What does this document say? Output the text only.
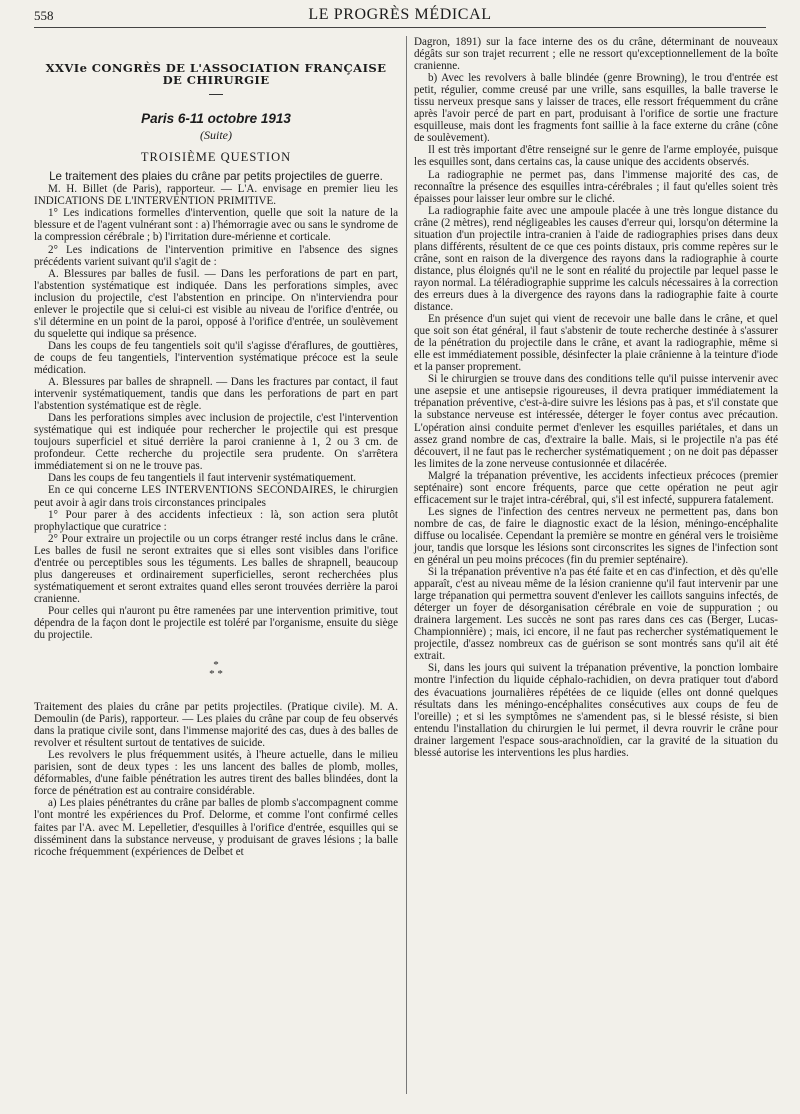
558	LE PROGRÈS MÉDICAL
XXVIe CONGRÈS DE L'ASSOCIATION FRANÇAISE DE CHIRURGIE
Paris 6-11 octobre 1913
(Suite)
TROISIÈME QUESTION
Le traitement des plaies du crâne par petits projectiles de guerre.

M. H. Billet (de Paris), rapporteur. — L'A. envisage en premier lieu les INDICATIONS DE L'INTERVENTION PRIMITIVE.

1° Les indications formelles d'intervention, quelle que soit la nature de la blessure et de l'agent vulnérant sont : a) l'hémorragie avec ou sans le syndrome de la compression cérébrale ; b) l'irritation dure-mérienne et corticale.

2° Les indications de l'intervention primitive en l'absence des signes précédents varient suivant qu'il s'agit de :

A. Blessures par balles de fusil. — Dans les perforations de part en part, l'abstention systématique est indiquée. Dans les perforations simples, avec inclusion du projectile, c'est l'abstention en principe. On n'interviendra pour enlever le projectile que si celui-ci est visible au niveau de l'orifice d'entrée, ou s'il détermine en un point de la paroi, opposé à l'orifice d'entrée, un soulèvement du squelette qui indique sa présence.

Dans les coups de feu tangentiels soit qu'il s'agisse d'éraflures, de gouttières, de coups de feu tangentiels, l'intervention systématique précoce est la seule médication.

A. Blessures par balles de shrapnell. — Dans les fractures par contact, il faut intervenir systématiquement, tandis que dans les perforations de part en part l'abstention systématique est de règle.

Dans les perforations simples avec inclusion de projectile, c'est l'intervention systématique qui est indiquée pour rechercher le projectile qui est presque toujours superficiel et situé derrière la paroi cranienne à 1, 2 ou 3 cm. de profondeur. Cette recherche du projectile sera prudente. On s'arrêtera immédiatement si on ne le trouve pas.

Dans les coups de feu tangentiels il faut intervenir systématiquement.

En ce qui concerne LES INTERVENTIONS SECONDAIRES, le chirurgien peut avoir à agir dans trois circonstances principales

1° Pour parer à des accidents infectieux : là, son action sera plutôt prophylactique que curatrice :

2° Pour extraire un projectile ou un corps étranger resté inclus dans le crâne. Les balles de fusil ne seront extraites que si elles sont visibles dans l'orifice d'entrée ou perceptibles sous les téguments. Les balles de shrapnell, beaucoup plus dangereuses et ordinairement superficielles, seront recherchées plus systématiquement et seront extraites quand elles seront trouvées derrière la paroi cranienne.

Pour celles qui n'auront pu être ramenées par une intervention primitive, tout dépendra de la façon dont le projectile est toléré par l'organisme, ensuite du siège du projectile.

*
* *

Traitement des plaies du crâne par petits projectiles. (Pratique civile). M. A. Demoulin (de Paris), rapporteur. — Les plaies du crâne par coup de feu observés dans la pratique civile sont, dans l'immense majorité des cas, dues à des balles de revolver et résultent surtout de tentatives de suicide.

Les revolvers le plus fréquemment usités, à l'heure actuelle, dans le milieu parisien, sont de deux types : les uns lancent des balles de plomb, molles, déformables, d'une faible pénétration les autres tirent des balles blindées, dont la force de pénétration est au contraire considérable.

a) Les plaies pénétrantes du crâne par balles de plomb s'accompagnent comme l'ont montré les expériences du Prof. Delorme, et comme l'ont confirmé celles faites par l'A. avec M. Lepelletier, d'esquilles à l'orifice d'entrée, esquilles qui se disséminent dans la substance nerveuse, y produisant de graves lésions ; la balle ricoche fréquemment (expériences de Delbet et

Dagron, 1891) sur la face interne des os du crâne, déterminant de nouveaux dégâts sur son trajet recurrent ; elle ne ressort qu'exceptionnellement de la boîte cranienne.

b) Avec les revolvers à balle blindée (genre Browning), le trou d'entrée est petit, régulier, comme creusé par une vrille, sans esquilles, la balle traverse le tissu nerveux presque sans y laisser de traces, elle ressort fréquemment du crâne après l'avoir percé de part en part, produisant à l'orifice de sortie une fracture esquilleuse, mais dont les fragments font saillie à la face externe du crâne (cône de soulèvement).

Il est très important d'être renseigné sur le genre de l'arme employée, puisque les esquilles sont, dans certains cas, la cause unique des accidents observés.

La radiographie ne permet pas, dans l'immense majorité des cas, de reconnaître la présence des esquilles intra-cérébrales ; il faut qu'elles soient très épaisses pour laisser leur ombre sur le cliché.

La radiographie faite avec une ampoule placée à une très longue distance du crâne (2 mètres), rend négligeables les causes d'erreur qui, lorsqu'on détermine la situation d'un projectile intra-cranien à l'aide de radiographies prises dans deux plans différents, résultent de ce que ces points distaux, pris comme repères sur le crâne, sont en raison de la divergence des rayons dans la radiographie à courte distance, plus éloignés qu'il ne le sont en réalité du projectile par lequel passe le rayon normal. La téléradiographie supprime les calculs nécessaires à la correction des erreurs dues à la divergence des rayons dans la radiographie faite à courte distance.

En présence d'un sujet qui vient de recevoir une balle dans le crâne, et quel que soit son état général, il faut s'abstenir de toute recherche destinée à s'assurer de la pénétration du projectile dans le crâne, et avant la radiographie, même si elle est immédiatement possible, désinfecter la plaie crânienne à la teinture d'iode et la panser proprement.

Si le chirurgien se trouve dans des conditions telle qu'il puisse intervenir avec une asepsie et une antisepsie rigoureuses, il devra pratiquer immédiatement la trépanation préventive, c'est-à-dire suivre les lésions pas à pas, et s'il constate que la substance nerveuse est intéressée, déterger le foyer contus avec précaution. L'opération ainsi conduite permet d'enlever les esquilles pariétales, et dans un assez grand nombre de cas, d'extraire la balle. Mais, si le projectile n'a pas été découvert, il ne faut pas le rechercher systématiquement ; on ne doit pas dépasser les limites de la zone nerveuse contusionnée et dilacérée.

Malgré la trépanation préventive, les accidents infectieux précoces (premier septénaire) sont encore fréquents, parce que cette opération ne peut agir efficacement sur le trajet intra-cérébral, qui, s'il est infecté, suppurera fatalement.

Les signes de l'infection des centres nerveux ne permettent pas, dans bon nombre de cas, de faire le diagnostic exact de la lésion, méningo-encéphalite diffuse ou localisée. Cependant la première se montre en général vers le troisième jour, tandis que lorsque les lésions sont circonscrites les signes de l'infection sont en général un peu moins précoces (fin du premier septénaire).

Si la trépanation préventive n'a pas été faite et en cas d'infection, et dès qu'elle apparaît, c'est au niveau même de la lésion cranienne qu'il faut intervenir par une large trépanation qui permettra souvent d'enlever les caillots sanguins infectés, de déterger un foyer de désorganisation cérébrale en voie de suppuration ; ou drainera largement. Les succès ne sont pas rares dans ces cas (Berger, Lucas-Championnière) ; mais, ici encore, il ne faut pas rechercher systématiquement le projectile, d'assez nombreux cas de guérison se sont montrés sans qu'il ait été extrait.

Si, dans les jours qui suivent la trépanation préventive, la ponction lombaire montre l'infection du liquide céphalo-rachidien, on devra pratiquer tout d'abord des évacuations journalières répétées de ce liquide (elles ont donné quelques résultats dans les méningo-encéphalites consécutives aux coups de feu de l'oreille) ; et si les symptômes ne s'amendent pas, si le blessé résiste, si bien entendu l'installation du chirurgien le lui permet, il devra rouvrir le crâne pour drainer largement l'espace sous-arachnoïdien, car la gravité de la situation du blessé autorise les interventions les plus hardies.
